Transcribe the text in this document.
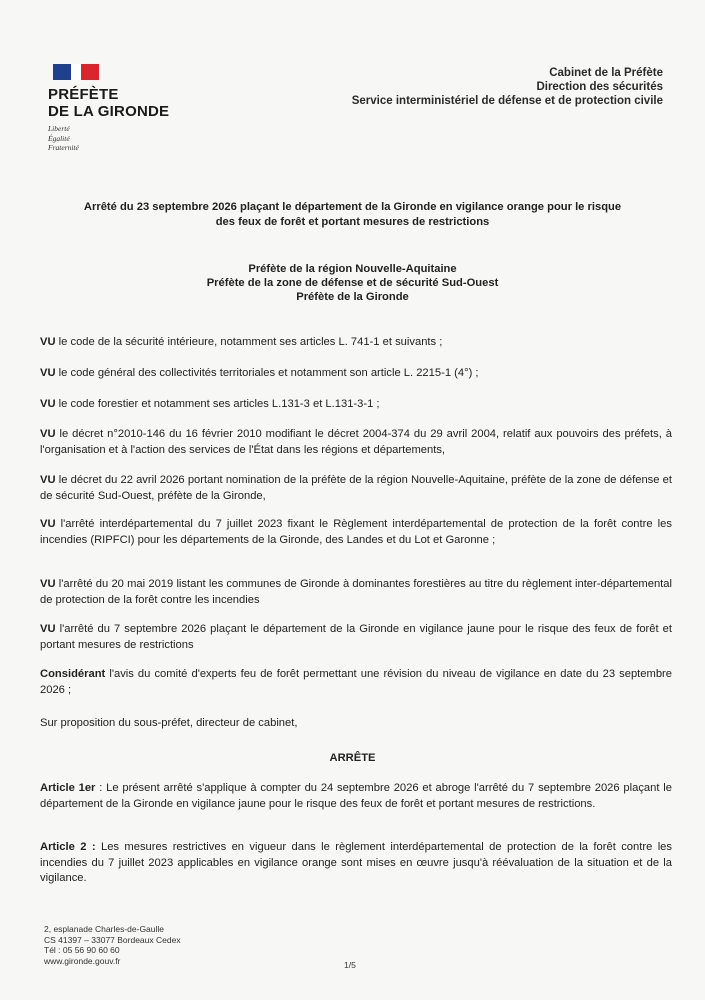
PRÉFÈTE
DE LA GIRONDE
Liberté
Égalité
Fraternité
Cabinet de la Préfète
Direction des sécurités
Service interministériel de défense et de protection civile
Arrêté du 23 septembre 2026 plaçant le département de la Gironde en vigilance orange pour le risque
des feux de forêt et portant mesures de restrictions
Préfète de la région Nouvelle-Aquitaine
Préfète de la zone de défense et de sécurité Sud-Ouest
Préfète de la Gironde
VU le code de la sécurité intérieure, notamment ses articles L. 741-1 et suivants ;
VU le code général des collectivités territoriales et notamment son article L. 2215-1 (4°) ;
VU le code forestier et notamment ses articles L.131-3 et L.131-3-1 ;
VU le décret n°2010-146 du 16 février 2010 modifiant le décret 2004-374 du 29 avril 2004, relatif aux pouvoirs des préfets, à l'organisation et à l'action des services de l'État dans les régions et départements,
VU le décret du 22 avril 2026 portant nomination de la préfète de la région Nouvelle-Aquitaine, préfète de la zone de défense et de sécurité Sud-Ouest, préfète de la Gironde,
VU l'arrêté interdépartemental du 7 juillet 2023 fixant le Règlement interdépartemental de protection de la forêt contre les incendies (RIPFCI) pour les départements de la Gironde, des Landes et du Lot et Garonne ;
VU l'arrêté du 20 mai 2019 listant les communes de Gironde à dominantes forestières au titre du règlement inter-départemental de protection de la forêt contre les incendies
VU l'arrêté du 7 septembre 2026 plaçant le département de la Gironde en vigilance jaune pour le risque des feux de forêt et portant mesures de restrictions
Considérant l'avis du comité d'experts feu de forêt permettant une révision du niveau de vigilance en date du 23 septembre 2026 ;
Sur proposition du sous-préfet, directeur de cabinet,
ARRÊTE
Article 1er : Le présent arrêté s'applique à compter du 24 septembre 2026 et abroge l'arrêté du 7 septembre 2026 plaçant le département de la Gironde en vigilance jaune pour le risque des feux de forêt et portant mesures de restrictions.
Article 2 : Les mesures restrictives en vigueur dans le règlement interdépartemental de protection de la forêt contre les incendies du 7 juillet 2023 applicables en vigilance orange sont mises en œuvre jusqu'à réévaluation de la situation et de la vigilance.
2, esplanade Charles-de-Gaulle
CS 41397 – 33077 Bordeaux Cedex
Tél : 05 56 90 60 60
www.gironde.gouv.fr	1/5
